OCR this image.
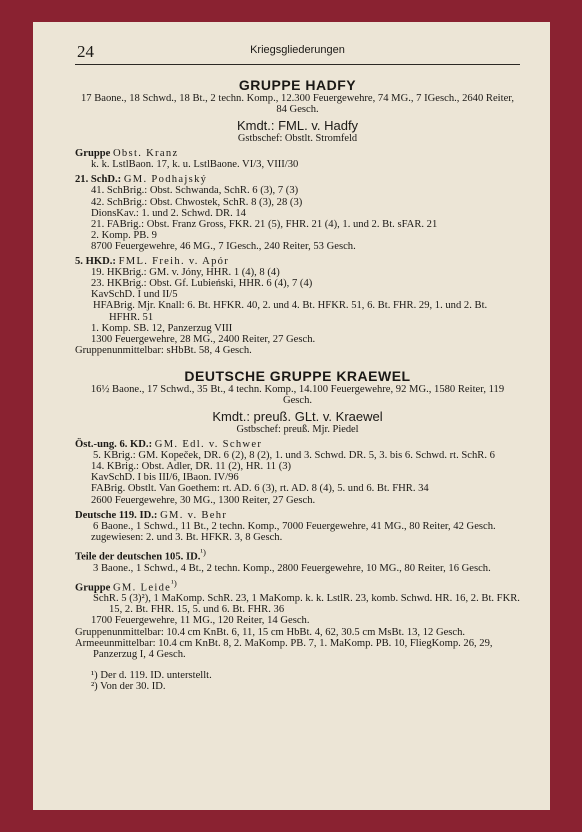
24	Kriegsgliederungen
GRUPPE HADFY
17 Baone., 18 Schwd., 18 Bt., 2 techn. Komp., 12.300 Feuergewehre, 74 MG., 7 IGesch., 2640 Reiter, 84 Gesch.
Kmdt.: FML. v. Hadfy
Gstbschef: Obstlt. Stromfeld
Gruppe Obst. Kranz
k. k. LstlBaon. 17, k. u. LstlBaone. VI/3, VIII/30
21. SchD.: GM. Podhajský
41. SchBrig.: Obst. Schwanda, SchR. 6 (3), 7 (3)
42. SchBrig.: Obst. Chwostek, SchR. 8 (3), 28 (3)
DionsKav.: 1. und 2. Schwd. DR. 14
21. FABrig.: Obst. Franz Gross, FKR. 21 (5), FHR. 21 (4), 1. und 2. Bt. sFAR. 21
2. Komp. PB. 9
8700 Feuergewehre, 46 MG., 7 IGesch., 240 Reiter, 53 Gesch.
5. HKD.: FML. Freih. v. Apór
19. HKBrig.: GM. v. Jóny, HHR. 1 (4), 8 (4)
23. HKBrig.: Obst. Gf. Lubieński, HHR. 6 (4), 7 (4)
KavSchD. I und II/5
HFABrig. Mjr. Knall: 6. Bt. HFKR. 40, 2. und 4. Bt. HFKR. 51, 6. Bt. FHR. 29, 1. und 2. Bt. HFHR. 51
1. Komp. SB. 12, Panzerzug VIII
1300 Feuergewehre, 28 MG., 2400 Reiter, 27 Gesch.
Gruppenunmittelbar: sHbBt. 58, 4 Gesch.
DEUTSCHE GRUPPE KRAEWEL
16½ Baone., 17 Schwd., 35 Bt., 4 techn. Komp., 14.100 Feuergewehre, 92 MG., 1580 Reiter, 119 Gesch.
Kmdt.: preuß. GLt. v. Kraewel
Gstbschef: preuß. Mjr. Piedel
Öst.-ung. 6. KD.: GM. Edl. v. Schwer
5. KBrig.: GM. Kopeček, DR. 6 (2), 8 (2), 1. und 3. Schwd. DR. 5, 3. bis 6. Schwd. rt. SchR. 6
14. KBrig.: Obst. Adler, DR. 11 (2), HR. 11 (3)
KavSchD. I bis III/6, IBaon. IV/96
FABrig. Obstlt. Van Goethem: rt. AD. 6 (3), rt. AD. 8 (4), 5. und 6. Bt. FHR. 34
2600 Feuergewehre, 30 MG., 1300 Reiter, 27 Gesch.
Deutsche 119. ID.: GM. v. Behr
6 Baone., 1 Schwd., 11 Bt., 2 techn. Komp., 7000 Feuergewehre, 41 MG., 80 Reiter, 42 Gesch.
zugewiesen: 2. und 3. Bt. HFKR. 3, 8 Gesch.
Teile der deutschen 105. ID.$^{^1)}$
3 Baone., 1 Schwd., 4 Bt., 2 techn. Komp., 2800 Feuergewehre, 10 MG., 80 Reiter, 16 Gesch.
Gruppe GM. Leide$^{^1)}$
SchR. 5 (3)²), 1 MaKomp. SchR. 23, 1 MaKomp. k. k. LstlR. 23, komb. Schwd. HR. 16, 2. Bt. FKR. 15, 2. Bt. FHR. 15, 5. und 6. Bt. FHR. 36
1700 Feuergewehre, 11 MG., 120 Reiter, 14 Gesch.
Gruppenunmittelbar: 10.4 cm KnBt. 6, 11, 15 cm HbBt. 4, 62, 30.5 cm MsBt. 13, 12 Gesch.
Armeeunmittelbar: 10.4 cm KnBt. 8, 2. MaKomp. PB. 7, 1. MaKomp. PB. 10, FliegKomp. 26, 29, Panzerzug I, 4 Gesch.
¹) Der d. 119. ID. unterstellt.
²) Von der 30. ID.
